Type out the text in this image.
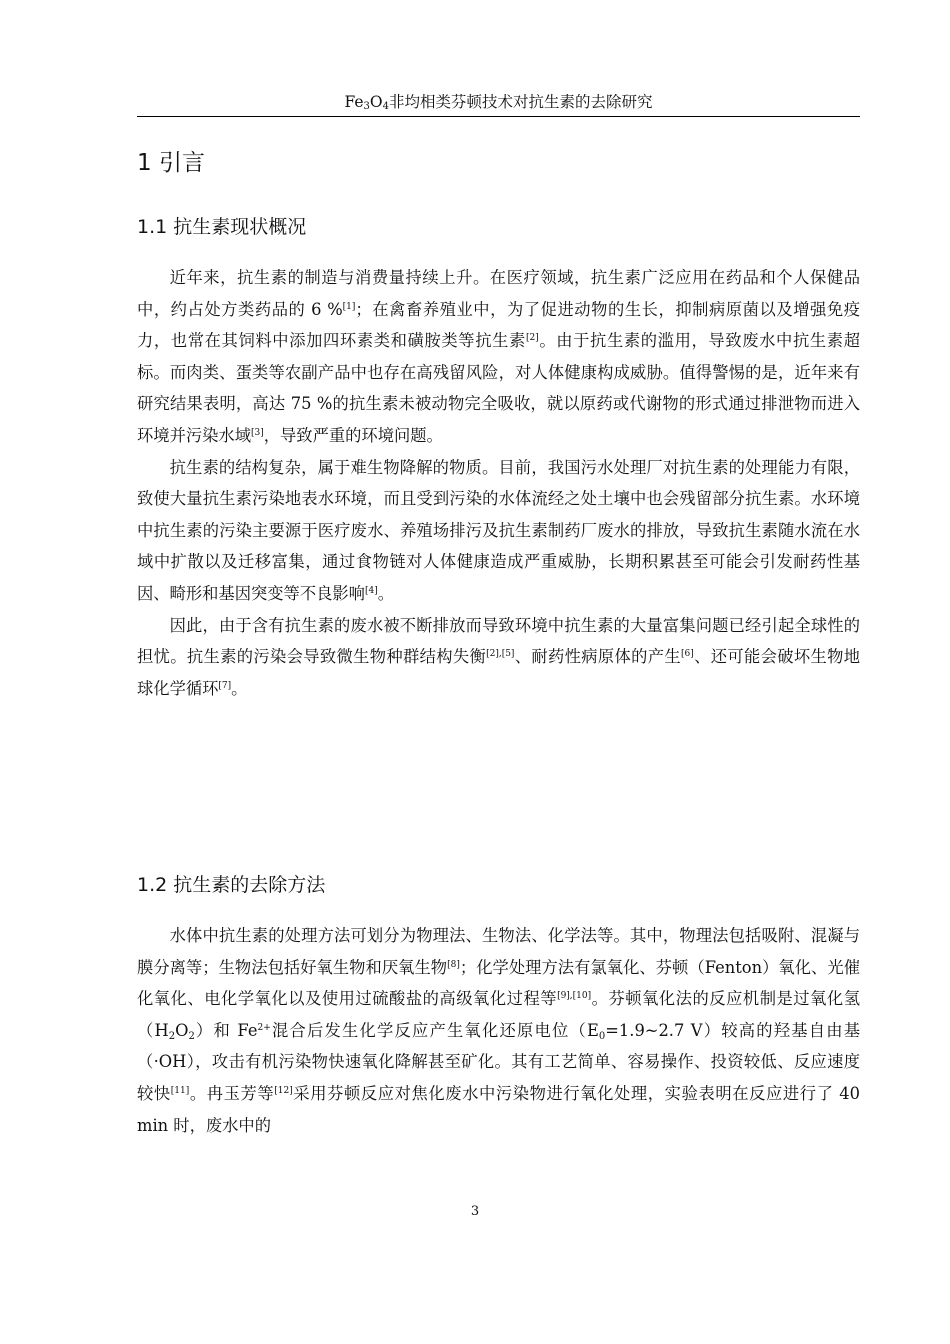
$Fe_3O_4$非均相类芬顿技术对抗生素的去除研究
1 引言
1.1 抗生素现状概况

近年来，抗生素的制造与消费量持续上升。在医疗领域，抗生素广泛应用在药品和个人保健品中，约占处方类药品的 6 %[1]；在禽畜养殖业中，为了促进动物的生长，抑制病原菌以及增强免疫力，也常在其饲料中添加四环素类和磺胺类等抗生素[2]。由于抗生素的滥用，导致废水中抗生素超标。而肉类、蛋类等农副产品中也存在高残留风险，对人体健康构成威胁。值得警惕的是，近年来有研究结果表明，高达 75 %的抗生素未被动物完全吸收，就以原药或代谢物的形式通过排泄物而进入环境并污染水域[3]，导致严重的环境问题。

抗生素的结构复杂，属于难生物降解的物质。目前，我国污水处理厂对抗生素的处理能力有限，致使大量抗生素污染地表水环境，而且受到污染的水体流经之处土壤中也会残留部分抗生素。水环境中抗生素的污染主要源于医疗废水、养殖场排污及抗生素制药厂废水的排放，导致抗生素随水流在水域中扩散以及迁移富集，通过食物链对人体健康造成严重威胁，长期积累甚至可能会引发耐药性基因、畸形和基因突变等不良影响[4]。

因此，由于含有抗生素的废水被不断排放而导致环境中抗生素的大量富集问题已经引起全球性的担忧。抗生素的污染会导致微生物种群结构失衡[2],[5]、耐药性病原体的产生[6]、还可能会破坏生物地球化学循环[7]。

1.2 抗生素的去除方法

水体中抗生素的处理方法可划分为物理法、生物法、化学法等。其中，物理法包括吸附、混凝与膜分离等；生物法包括好氧生物和厌氧生物[8]；化学处理方法有氯氧化、芬顿（Fenton）氧化、光催化氧化、电化学氧化以及使用过硫酸盐的高级氧化过程等[9],[10]。芬顿氧化法的反应机制是过氧化氢$(H_2O_2)$和 $Fe^{2+}$混合后发生化学反应产生氧化还原电位（$E_0=1.9\sim 2.7$ V）较高的羟基自由基（·OH），攻击有机污染物快速氧化降解甚至矿化。其有工艺简单、容易操作、投资较低、反应速度较快[11]。冉玉芳等[12]采用芬顿反应对焦化废水中污染物进行氧化处理，实验表明在反应进行了 40 min 时，废水中的

3
